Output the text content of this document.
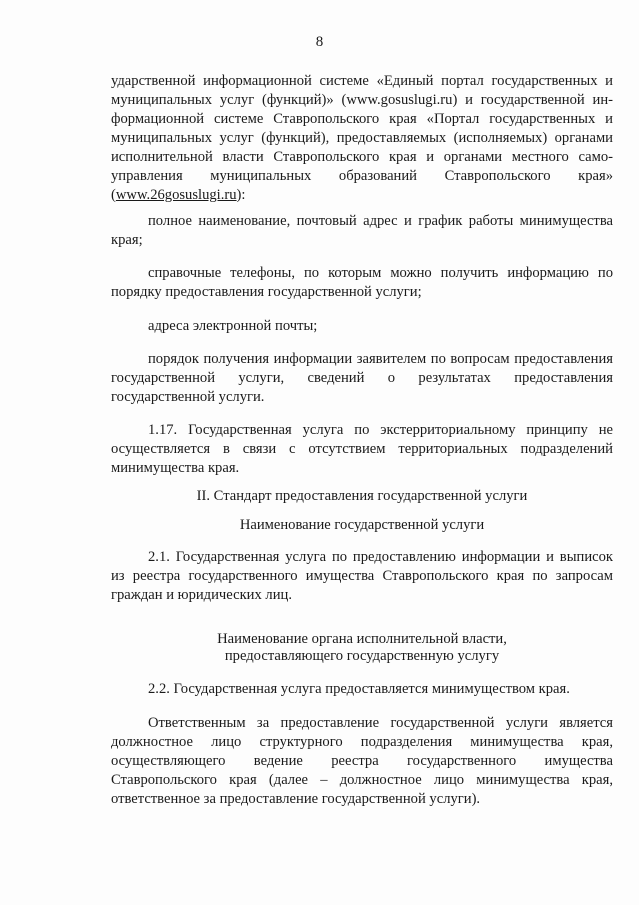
8
ударственной информационной системе «Единый портал государственных и
муниципальных услуг (функций)» (www.gosuslugi.ru) и государственной ин-
формационной системе Ставропольского края «Портал государственных и
муниципальных услуг (функций), предоставляемых (исполняемых) органами
исполнительной власти Ставропольского края и органами местного само-
управления муниципальных образований Ставропольского края»
(www.26gosuslugi.ru):
полное наименование, почтовый адрес и график работы минимущества края;
справочные телефоны, по которым можно получить информацию по порядку предоставления государственной услуги;
адреса электронной почты;
порядок получения информации заявителем по вопросам предоставления государственной услуги, сведений о результатах предоставления государственной услуги.
1.17. Государственная услуга по экстерриториальному принципу не осуществляется в связи с отсутствием территориальных подразделений минимущества края.
II. Стандарт предоставления государственной услуги
Наименование государственной услуги
2.1. Государственная услуга по предоставлению информации и выписок из реестра государственного имущества Ставропольского края по запросам граждан и юридических лиц.
Наименование органа исполнительной власти,
предоставляющего государственную услугу
2.2. Государственная услуга предоставляется минимуществом края.
Ответственным за предоставление государственной услуги является должностное лицо структурного подразделения минимущества края, осуществляющего ведение реестра государственного имущества Ставропольского края (далее – должностное лицо минимущества края, ответственное за предоставление государственной услуги).
